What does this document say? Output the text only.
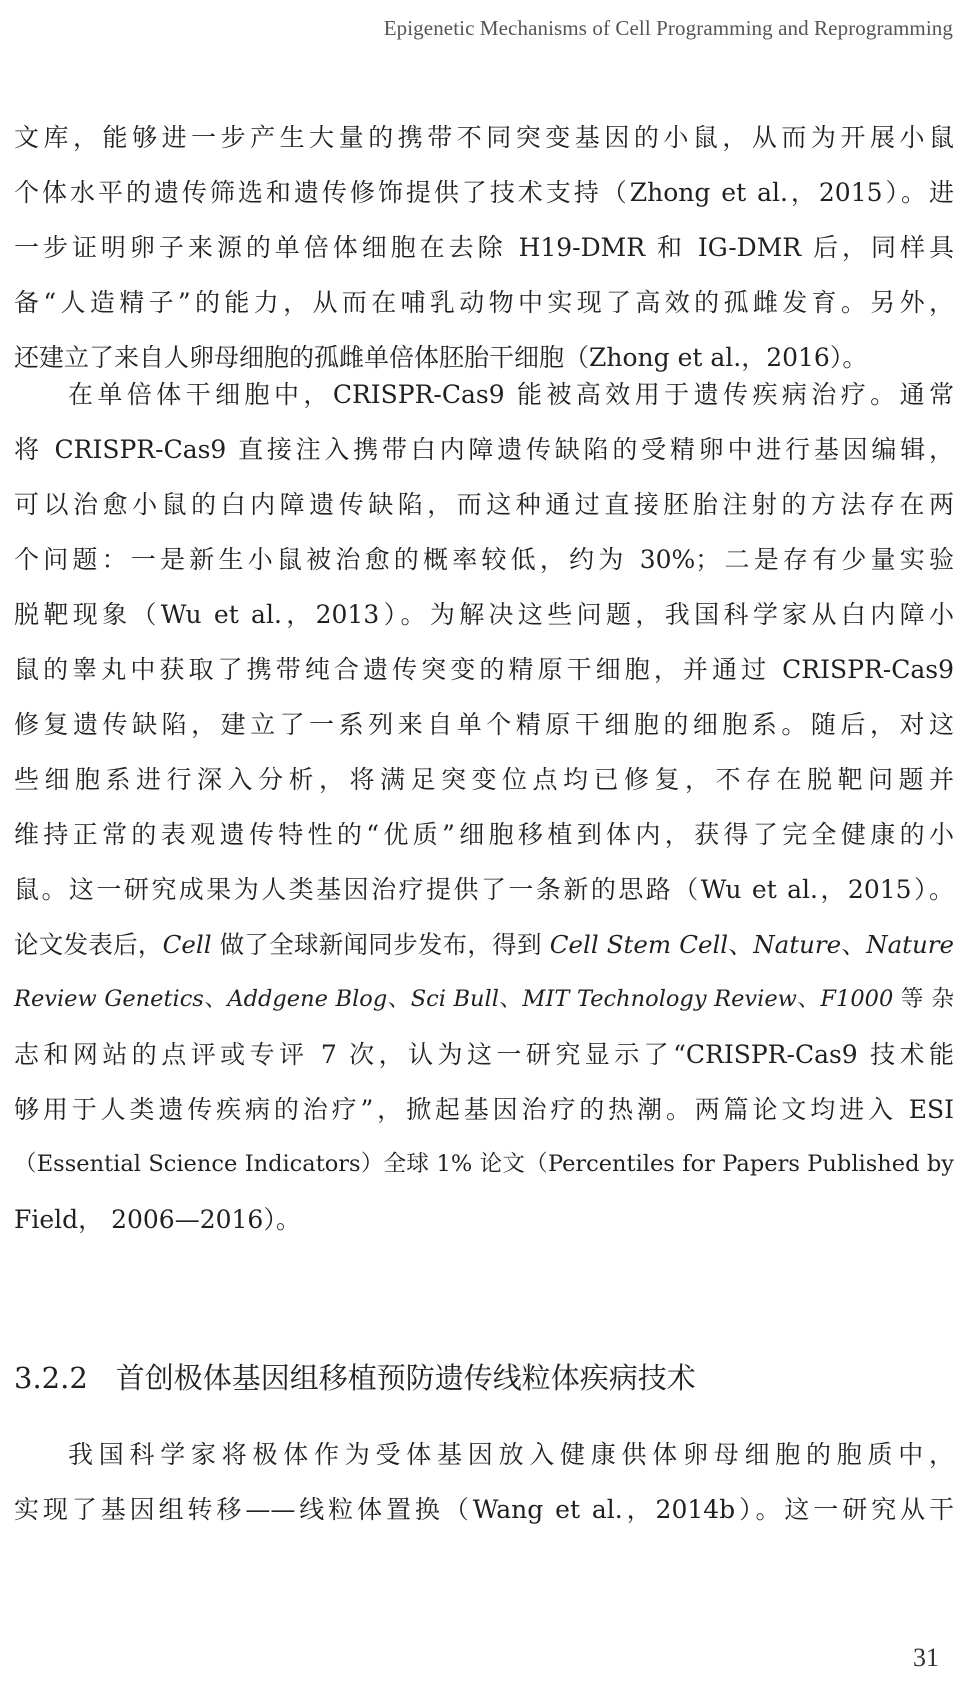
Epigenetic Mechanisms of Cell Programming and Reprogramming
文库，能够进一步产生大量的携带不同突变基因的小鼠，从而为开展小鼠
个体水平的遗传筛选和遗传修饰提供了技术支持（Zhong et al.，2015）。进
一步证明卵子来源的单倍体细胞在去除 H19-DMR 和 IG-DMR 后，同样具
备“人造精子”的能力，从而在哺乳动物中实现了高效的孤雌发育。另外，
还建立了来自人卵母细胞的孤雌单倍体胚胎干细胞（Zhong et al.，2016）。
在单倍体干细胞中，CRISPR-Cas9 能被高效用于遗传疾病治疗。通常
将 CRISPR-Cas9 直接注入携带白内障遗传缺陷的受精卵中进行基因编辑，
可以治愈小鼠的白内障遗传缺陷，而这种通过直接胚胎注射的方法存在两
个问题：一是新生小鼠被治愈的概率较低，约为 30%；二是存有少量实验
脱靶现象（Wu et al.，2013）。为解决这些问题，我国科学家从白内障小
鼠的睾丸中获取了携带纯合遗传突变的精原干细胞，并通过 CRISPR-Cas9
修复遗传缺陷，建立了一系列来自单个精原干细胞的细胞系。随后，对这
些细胞系进行深入分析，将满足突变位点均已修复，不存在脱靶问题并
维持正常的表观遗传特性的“优质”细胞移植到体内，获得了完全健康的小
鼠。这一研究成果为人类基因治疗提供了一条新的思路（Wu et al.，2015）。
论文发表后，Cell 做了全球新闻同步发布，得到 Cell Stem Cell、Nature、Nature
Review Genetics、Addgene Blog、Sci Bull、MIT Technology Review、F1000 等 杂
志和网站的点评或专评 7 次，认为这一研究显示了“CRISPR-Cas9 技术能
够用于人类遗传疾病的治疗”，掀起基因治疗的热潮。两篇论文均进入 ESI
（Essential Science Indicators）全球 1% 论文（Percentiles for Papers Published by
Field， 2006—2016）。
3.2.2 首创极体基因组移植预防遗传线粒体疾病技术
我国科学家将极体作为受体基因放入健康供体卵母细胞的胞质中，
实现了基因组转移——线粒体置换（Wang et al.，2014b）。这一研究从干
31
